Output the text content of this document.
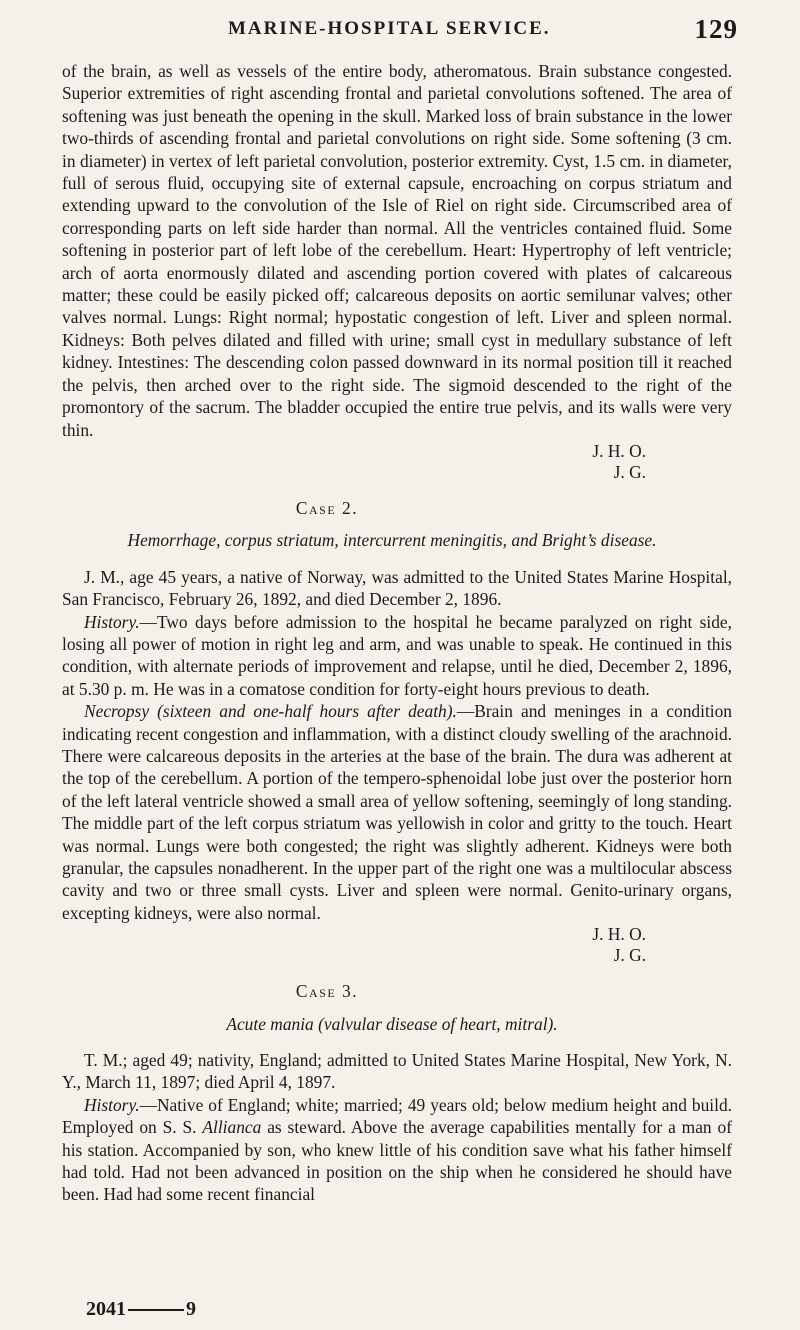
MARINE-HOSPITAL SERVICE.	129

of the brain, as well as vessels of the entire body, atheromatous. Brain substance congested. Superior extremities of right ascending frontal and parietal convolutions softened. The area of softening was just beneath the opening in the skull. Marked loss of brain substance in the lower two-thirds of ascending frontal and parietal convolutions on right side. Some softening (3 cm. in diameter) in vertex of left parietal convolution, posterior extremity. Cyst, 1.5 cm. in diameter, full of serous fluid, occupying site of external capsule, encroaching on corpus striatum and extending upward to the convolution of the Isle of Riel on right side. Circumscribed area of corresponding parts on left side harder than normal. All the ventricles contained fluid. Some softening in posterior part of left lobe of the cerebellum. Heart: Hypertrophy of left ventricle; arch of aorta enormously dilated and ascending portion covered with plates of calcareous matter; these could be easily picked off; calcareous deposits on aortic semilunar valves; other valves normal. Lungs: Right normal; hypostatic congestion of left. Liver and spleen normal. Kidneys: Both pelves dilated and filled with urine; small cyst in medullary substance of left kidney. Intestines: The descending colon passed downward in its normal position till it reached the pelvis, then arched over to the right side. The sigmoid descended to the right of the promontory of the sacrum. The bladder occupied the entire true pelvis, and its walls were very thin.

J. H. O.
J. G.
Case 2.
Hemorrhage, corpus striatum, intercurrent meningitis, and Bright’s disease.

J. M., age 45 years, a native of Norway, was admitted to the United States Marine Hospital, San Francisco, February 26, 1892, and died December 2, 1896.

History.—Two days before admission to the hospital he became paralyzed on right side, losing all power of motion in right leg and arm, and was unable to speak. He continued in this condition, with alternate periods of improvement and relapse, until he died, December 2, 1896, at 5.30 p. m. He was in a comatose condition for forty-eight hours previous to death.

Necropsy (sixteen and one-half hours after death).—Brain and meninges in a condition indicating recent congestion and inflammation, with a distinct cloudy swelling of the arachnoid. There were calcareous deposits in the arteries at the base of the brain. The dura was adherent at the top of the cerebellum. A portion of the tempero-sphenoidal lobe just over the posterior horn of the left lateral ventricle showed a small area of yellow softening, seemingly of long standing. The middle part of the left corpus striatum was yellowish in color and gritty to the touch. Heart was normal. Lungs were both congested; the right was slightly adherent. Kidneys were both granular, the capsules nonadherent. In the upper part of the right one was a multilocular abscess cavity and two or three small cysts. Liver and spleen were normal. Genito-urinary organs, excepting kidneys, were also normal.

J. H. O.
J. G.
Case 3.
Acute mania (valvular disease of heart, mitral).

T. M.; aged 49; nativity, England; admitted to United States Marine Hospital, New York, N. Y., March 11, 1897; died April 4, 1897.

History.—Native of England; white; married; 49 years old; below medium height and build. Employed on S. S. Allianca as steward. Above the average capabilities mentally for a man of his station. Accompanied by son, who knew little of his condition save what his father himself had told. Had not been advanced in position on the ship when he considered he should have been. Had had some recent financial

2041	9
